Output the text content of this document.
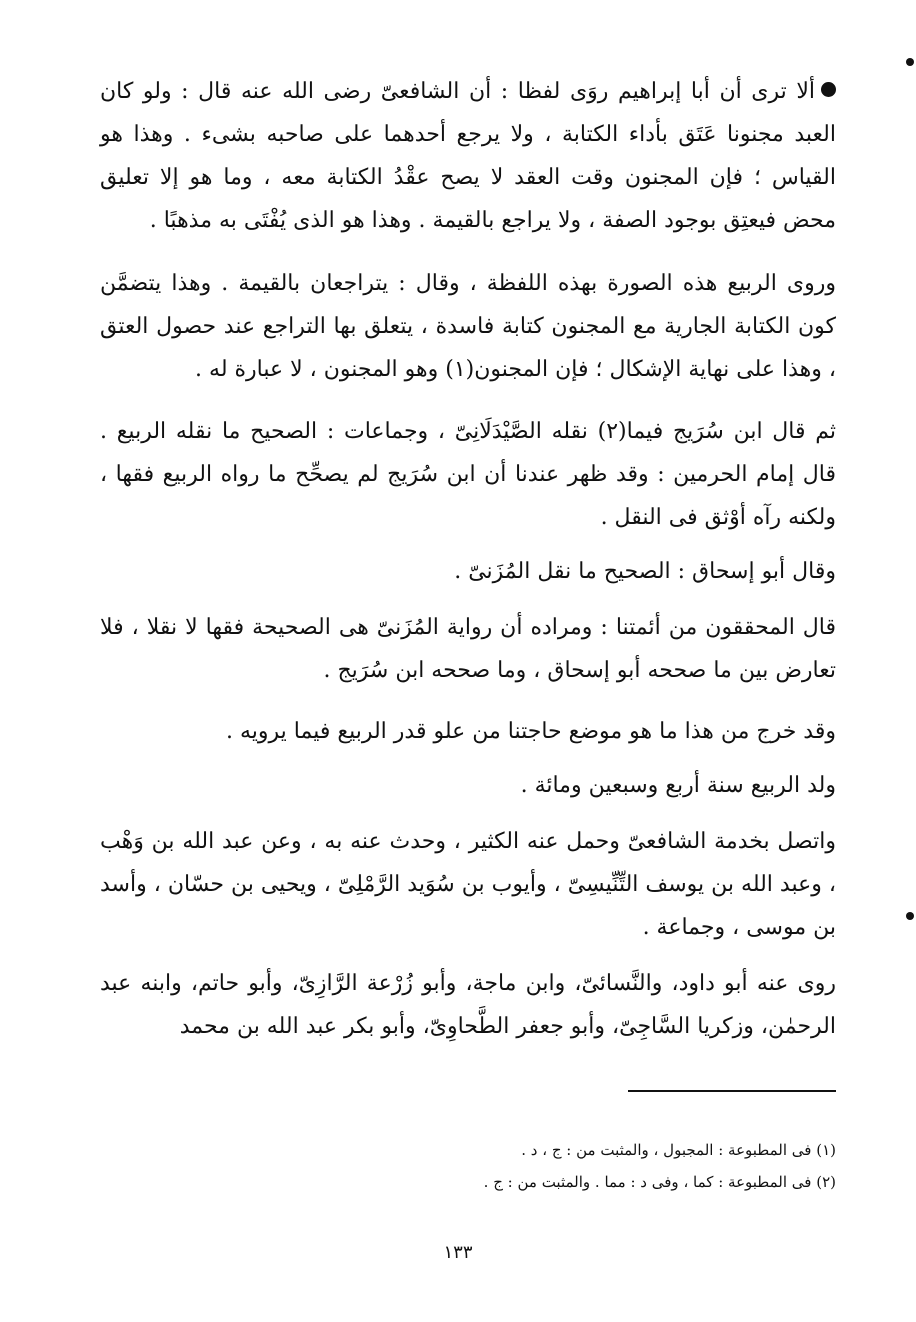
ألا ترى أن أبا إبراهيم روَى لفظا : أن الشافعىّ رضى الله عنه قال : ولو كان العبد مجنونا عَتَق بأداء الكتابة ، ولا يرجع أحدهما على صاحبه بشىء . وهذا هو القياس ؛ فإن المجنون وقت العقد لا يصح عقْدُ الكتابة معه ، وما هو إلا تعليق محض فيعتِق بوجود الصفة ، ولا يراجع بالقيمة . وهذا هو الذى يُفْتَى به مذهبًا .

وروى الربيع هذه الصورة بهذه اللفظة ، وقال : يتراجعان بالقيمة . وهذا يتضمَّن كون الكتابة الجارية مع المجنون كتابة فاسدة ، يتعلق بها التراجع عند حصول العتق ، وهذا على نهاية الإشكال ؛ فإن المجنون(١) وهو المجنون ، لا عبارة له .

ثم قال ابن سُرَيج فيما(٢) نقله الصَّيْدَلَانِىّ ، وجماعات : الصحيح ما نقله الربيع . قال إمام الحرمين : وقد ظهر عندنا أن ابن سُرَيج لم يصحِّح ما رواه الربيع فقها ، ولكنه رآه أوْثق فى النقل .

وقال أبو إسحاق : الصحيح ما نقل المُزَنىّ .

قال المحققون من أئمتنا : ومراده أن رواية المُزَنىّ هى الصحيحة فقها لا نقلا ، فلا تعارض بين ما صححه أبو إسحاق ، وما صححه ابن سُرَيج .

وقد خرج من هذا ما هو موضع حاجتنا من علو قدر الربيع فيما يرويه .

ولد الربيع سنة أربع وسبعين ومائة .

واتصل بخدمة الشافعىّ وحمل عنه الكثير ، وحدث عنه به ، وعن عبد الله بن وَهْب ، وعبد الله بن يوسف التِّنِّيسِىّ ، وأيوب بن سُوَيد الرَّمْلِىّ ، ويحيى بن حسّان ، وأسد بن موسى ، وجماعة .

روى عنه أبو داود، والنَّسائىّ، وابن ماجة، وأبو زُرْعة الرَّازِىّ، وأبو حاتم، وابنه عبد الرحمٰن، وزكريا السَّاجِىّ، وأبو جعفر الطَّحاوِىّ، وأبو بكر عبد الله بن محمد

(١) فى المطبوعة : المجبول ، والمثبت من : ج ، د .

(٢) فى المطبوعة : كما ، وفى د : مما . والمثبت من : ج .

١٣٣
